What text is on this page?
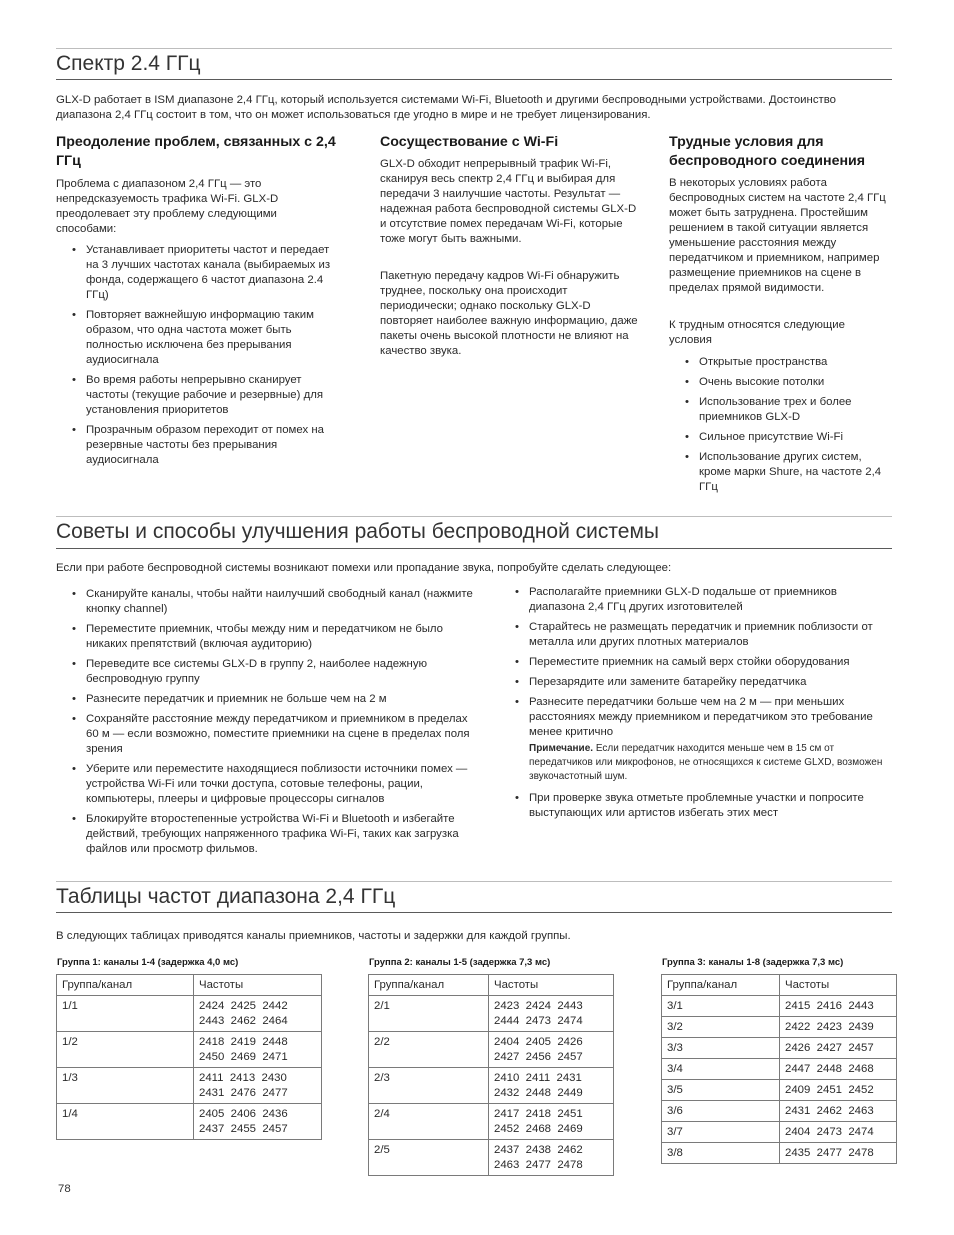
Спектр 2.4 ГГц

GLX-D работает в ISM диапазоне 2,4 ГГц, который используется системами Wi-Fi, Bluetooth и другими беспроводными устройствами. Достоинство диапазона 2,4 ГГц состоит в том, что он может использоваться где угодно в мире и не требует лицензирования.

Преодоление проблем, связанных с 2,4 ГГц

Проблема с диапазоном 2,4 ГГц — это непредсказуемость трафика Wi-Fi. GLX-D преодолевает эту проблему следующими способами:

• Устанавливает приоритеты частот и передает на 3 лучших частотах канала (выбираемых из фонда, содержащего 6 частот диапазона 2.4 ГГц)
• Повторяет важнейшую информацию таким образом, что одна частота может быть полностью исключена без прерывания аудиосигнала
• Во время работы непрерывно сканирует частоты (текущие рабочие и резервные) для установления приоритетов
• Прозрачным образом переходит от помех на резервные частоты без прерывания аудиосигнала
Сосуществование с Wi-Fi

GLX-D обходит непрерывный трафик Wi-Fi, сканируя весь спектр 2,4 ГГц и выбирая для передачи 3 наилучшие частоты. Результат — надежная работа беспроводной системы GLX-D и отсутствие помех передачам Wi-Fi, которые тоже могут быть важными.

Пакетную передачу кадров Wi-Fi обнаружить труднее, поскольку она происходит периодически; однако поскольку GLX-D повторяет наиболее важную информацию, даже пакеты очень высокой плотности не влияют на качество звука.

Трудные условия для беспроводного соединения

В некоторых условиях работа беспроводных систем на частоте 2,4 ГГц может быть затруднена. Простейшим решением в такой ситуации является уменьшение расстояния между передатчиком и приемником, например размещение приемников на сцене в пределах прямой видимости.

К трудным относятся следующие условия

• Открытые пространства
• Очень высокие потолки
• Использование трех и более приемников GLX-D
• Сильное присутствие Wi-Fi
• Использование других систем, кроме марки Shure, на частоте 2,4 ГГц
Советы и способы улучшения работы беспроводной системы

Если при работе беспроводной системы возникают помехи или пропадание звука, попробуйте сделать следующее:

• Сканируйте каналы, чтобы найти наилучший свободный канал (нажмите кнопку channel)
• Переместите приемник, чтобы между ним и передатчиком не было никаких препятствий (включая аудиторию)
• Переведите все системы GLX-D в группу 2, наиболее надежную беспроводную группу
• Разнесите передатчик и приемник не больше чем на 2 м
• Сохраняйте расстояние между передатчиком и приемником в пределах 60 м — если возможно, поместите приемники на сцене в пределах поля зрения
• Уберите или переместите находящиеся поблизости источники помех — устройства Wi-Fi или точки доступа, сотовые телефоны, рации, компьютеры, плееры и цифровые процессоры сигналов
• Блокируйте второстепенные устройства Wi-Fi и Bluetooth и избегайте действий, требующих напряженного трафика Wi-Fi, таких как загрузка файлов или просмотр фильмов.
• Располагайте приемники GLX-D подальше от приемников диапазона 2,4 ГГц других изготовителей
• Старайтесь не размещать передатчик и приемник поблизости от металла или других плотных материалов
• Переместите приемник на самый верх стойки оборудования
• Перезарядите или замените батарейку передатчика
• Разнесите передатчики больше чем на 2 м — при меньших расстояниях между приемником и передатчиком это требование менее критично
Примечание. Если передатчик находится меньше чем в 15 см от передатчиков или микрофонов, не относящихся к системе GLXD, возможен звукочастотный шум.
• При проверке звука отметьте проблемные участки и попросите выступающих или артистов избегать этих мест
Таблицы частот диапазона 2,4 ГГц

В следующих таблицах приводятся каналы приемников, частоты и задержки для каждой группы.

Группа 1: каналы 1-4 (задержка 4,0 мс)
Группа/канал	Частоты
1/1	2424  2425  2442
2443  2462  2464

1/2	2418  2419  2448
2450  2469  2471

1/3	2411  2413  2430
2431  2476  2477

1/4	2405  2406  2436
2437  2455  2457
Группа 2: каналы 1-5 (задержка 7,3 мс)
Группа/канал	Частоты
2/1	2423  2424  2443
2444  2473  2474

2/2	2404  2405  2426
2427  2456  2457

2/3	2410  2411  2431
2432  2448  2449

2/4	2417  2418  2451
2452  2468  2469

2/5	2437  2438  2462
2463  2477  2478
Группа 3: каналы 1-8 (задержка 7,3 мс)
Группа/канал	Частоты
3/1	2415  2416  2443
3/2	2422  2423  2439
3/3	2426  2427  2457
3/4	2447  2448  2468
3/5	2409  2451  2452
3/6	2431  2462  2463
3/7	2404  2473  2474
3/8	2435  2477  2478
78
